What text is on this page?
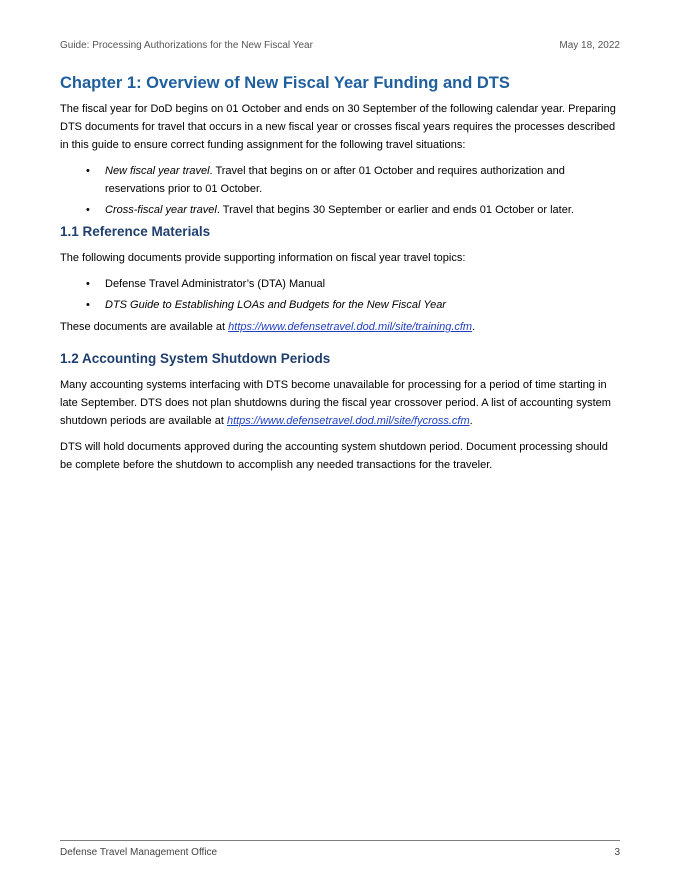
Guide: Processing Authorizations for the New Fiscal Year	May 18, 2022
Chapter 1: Overview of New Fiscal Year Funding and DTS

The fiscal year for DoD begins on 01 October and ends on 30 September of the following calendar year. Preparing DTS documents for travel that occurs in a new fiscal year or crosses fiscal years requires the processes described in this guide to ensure correct funding assignment for the following travel situations:

• New fiscal year travel. Travel that begins on or after 01 October and requires authorization and reservations prior to 01 October.
• Cross-fiscal year travel. Travel that begins 30 September or earlier and ends 01 October or later.
1.1 Reference Materials

The following documents provide supporting information on fiscal year travel topics:

• Defense Travel Administrator’s (DTA) Manual
• DTS Guide to Establishing LOAs and Budgets for the New Fiscal Year

These documents are available at https://www.defensetravel.dod.mil/site/training.cfm.

1.2 Accounting System Shutdown Periods

Many accounting systems interfacing with DTS become unavailable for processing for a period of time starting in late September. DTS does not plan shutdowns during the fiscal year crossover period. A list of accounting system shutdown periods are available at https://www.defensetravel.dod.mil/site/fycross.cfm.

DTS will hold documents approved during the accounting system shutdown period. Document processing should be complete before the shutdown to accomplish any needed transactions for the traveler.

Defense Travel Management Office	3
